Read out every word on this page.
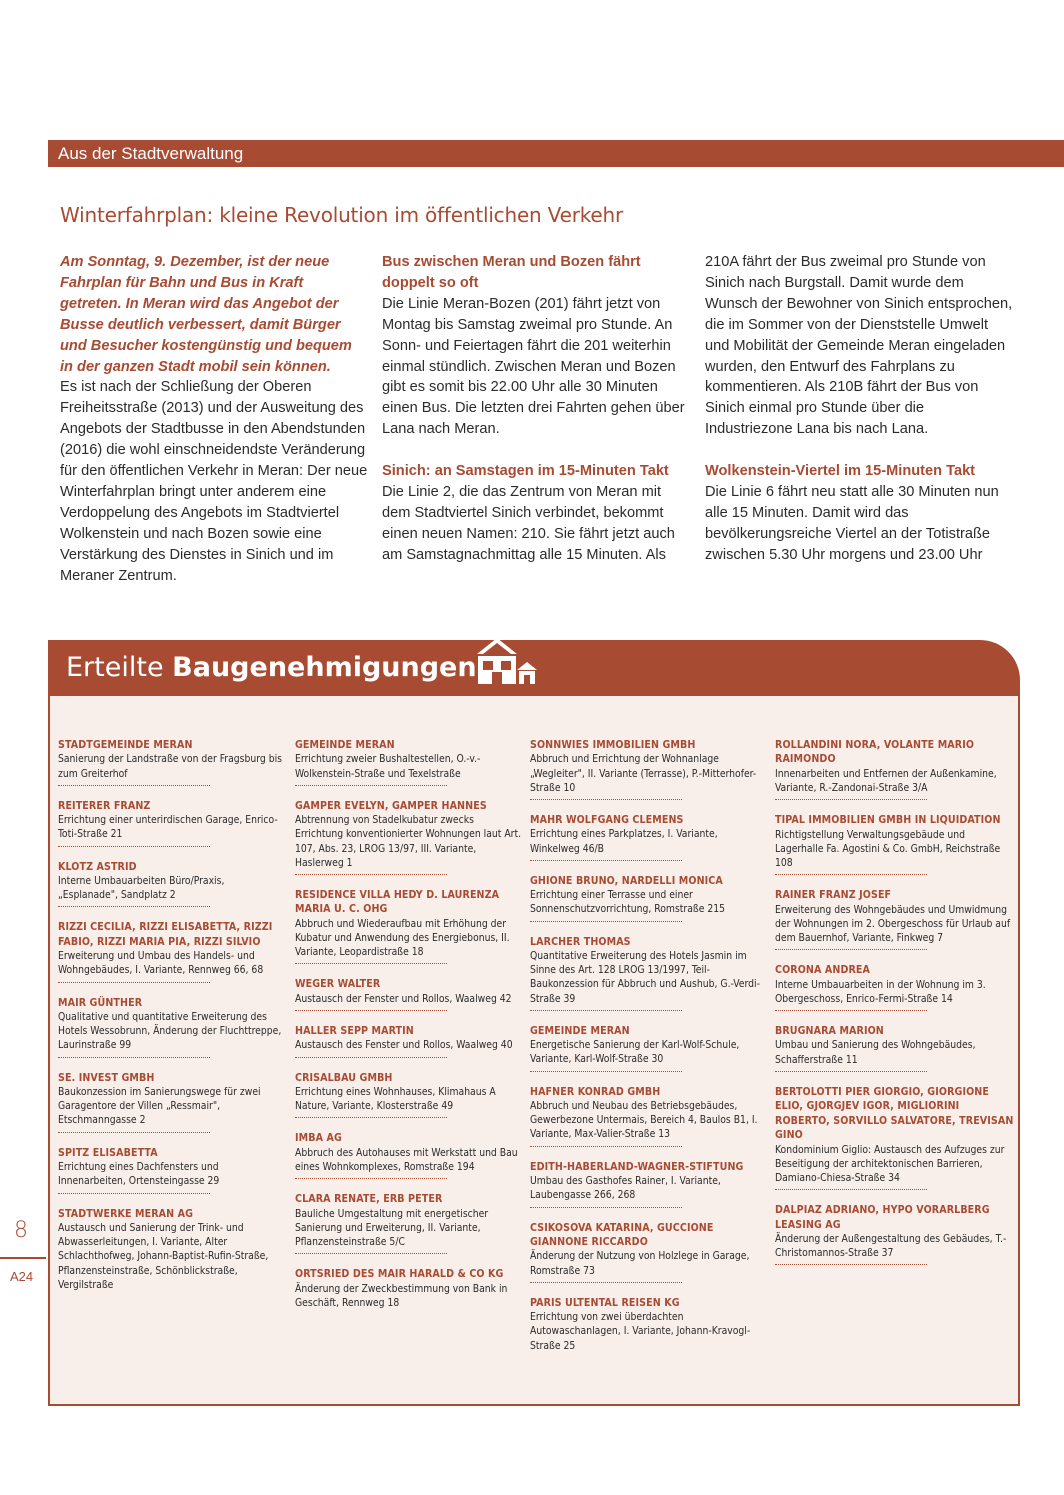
Aus der Stadtverwaltung
Winterfahrplan: kleine Revolution im öffentlichen Verkehr
Am Sonntag, 9. Dezember, ist der neue Fahrplan für Bahn und Bus in Kraft getreten. In Meran wird das Angebot der Busse deutlich verbessert, damit Bürger und Besucher kostengünstig und bequem in der ganzen Stadt mobil sein können.
Es ist nach der Schließung der Oberen Freiheitsstraße (2013) und der Ausweitung des Angebots der Stadtbusse in den Abendstunden (2016) die wohl einschneidendste Veränderung für den öffentlichen Verkehr in Meran: Der neue Winterfahrplan bringt unter anderem eine Verdoppelung des Angebots im Stadtviertel Wolkenstein und nach Bozen sowie eine Verstärkung des Dienstes in Sinich und im Meraner Zentrum.
Bus zwischen Meran und Bozen fährt doppelt so oft
Die Linie Meran-Bozen (201) fährt jetzt von Montag bis Samstag zweimal pro Stunde. An Sonn- und Feiertagen fährt die 201 weiterhin einmal stündlich. Zwischen Meran und Bozen gibt es somit bis 22.00 Uhr alle 30 Minuten einen Bus. Die letzten drei Fahrten gehen über Lana nach Meran.
Sinich: an Samstagen im 15-Minuten Takt
Die Linie 2, die das Zentrum von Meran mit dem Stadtviertel Sinich verbindet, bekommt einen neuen Namen: 210. Sie fährt jetzt auch am Samstagnachmittag alle 15 Minuten. Als
210A fährt der Bus zweimal pro Stunde von Sinich nach Burgstall. Damit wurde dem Wunsch der Bewohner von Sinich entsprochen, die im Sommer von der Dienststelle Umwelt und Mobilität der Gemeinde Meran eingeladen wurden, den Entwurf des Fahrplans zu kommentieren. Als 210B fährt der Bus von Sinich einmal pro Stunde über die Industriezone Lana bis nach Lana.
Wolkenstein-Viertel im 15-Minuten Takt
Die Linie 6 fährt neu statt alle 30 Minuten nun alle 15 Minuten. Damit wird das bevölkerungsreiche Viertel an der Totistraße zwischen 5.30 Uhr morgens und 23.00 Uhr
Erteilte Baugenehmigungen
STADTGEMEINDE MERAN
Sanierung der Landstraße von der Fragsburg bis zum Greiterhof
REITERER FRANZ
Errichtung einer unterirdischen Garage, Enrico-Toti-Straße 21
KLOTZ ASTRID
Interne Umbauarbeiten Büro/Praxis, „Esplanade", Sandplatz 2
RIZZI CECILIA, RIZZI ELISABETTA, RIZZI FABIO, RIZZI MARIA PIA, RIZZI SILVIO
Erweiterung und Umbau des Handels- und Wohngebäudes, I. Variante, Rennweg 66, 68
MAIR GÜNTHER
Qualitative und quantitative Erweiterung des Hotels Wessobrunn, Änderung der Fluchttreppe, Laurinstraße 99
SE. INVEST GMBH
Baukonzession im Sanierungswege für zwei Garagentore der Villen „Ressmair", Etschmanngasse 2
SPITZ ELISABETTA
Errichtung eines Dachfensters und Innenarbeiten, Ortensteingasse 29
STADTWERKE MERAN AG
Austausch und Sanierung der Trink- und Abwasserleitungen, I. Variante, Alter Schlachthofweg, Johann-Baptist-Rufin-Straße, Pflanzensteinstraße, Schönblickstraße, Vergilstraße
GEMEINDE MERAN
Errichtung zweier Bushaltestellen, O.-v.-Wolkenstein-Straße und Texelstraße
GAMPER EVELYN, GAMPER HANNES
Abtrennung von Stadelkubatur zwecks Errichtung konventionierter Wohnungen laut Art. 107, Abs. 23, LROG 13/97, III. Variante, Haslerweg 1
RESIDENCE VILLA HEDY D. LAURENZA MARIA U. C. OHG
Abbruch und Wiederaufbau mit Erhöhung der Kubatur und Anwendung des Energiebonus, II. Variante, Leopardistraße 18
WEGER WALTER
Austausch der Fenster und Rollos, Waalweg 42
HALLER SEPP MARTIN
Austausch des Fenster und Rollos, Waalweg 40
CRISALBAU GMBH
Errichtung eines Wohnhauses, Klimahaus A Nature, Variante, Klosterstraße 49
IMBA AG
Abbruch des Autohauses mit Werkstatt und Bau eines Wohnkomplexes, Romstraße 194
CLARA RENATE, ERB PETER
Bauliche Umgestaltung mit energetischer Sanierung und Erweiterung, II. Variante, Pflanzensteinstraße 5/C
ORTSRIED DES MAIR HARALD & CO KG
Änderung der Zweckbestimmung von Bank in Geschäft, Rennweg 18
SONNWIES IMMOBILIEN GMBH
Abbruch und Errichtung der Wohnanlage „Wegleiter", II. Variante (Terrasse), P.-Mitterhofer-Straße 10
MAHR WOLFGANG CLEMENS
Errichtung eines Parkplatzes, I. Variante, Winkelweg 46/B
GHIONE BRUNO, NARDELLI MONICA
Errichtung einer Terrasse und einer Sonnenschutzvorrichtung, Romstraße 215
LARCHER THOMAS
Quantitative Erweiterung des Hotels Jasmin im Sinne des Art. 128 LROG 13/1997, Teil-Baukonzession für Abbruch und Aushub, G.-Verdi-Straße 39
GEMEINDE MERAN
Energetische Sanierung der Karl-Wolf-Schule, Variante, Karl-Wolf-Straße 30
HAFNER KONRAD GMBH
Abbruch und Neubau des Betriebsgebäudes, Gewerbezone Untermais, Bereich 4, Baulos B1, I. Variante, Max-Valier-Straße 13
EDITH-HABERLAND-WAGNER-STIFTUNG
Umbau des Gasthofes Rainer, I. Variante, Laubengasse 266, 268
CSIKOSOVA KATARINA, GUCCIONE GIANNONE RICCARDO
Änderung der Nutzung von Holzlege in Garage, Romstraße 73
PARIS ULTENTAL REISEN KG
Errichtung von zwei überdachten Autowaschanlagen, I. Variante, Johann-Kravogl-Straße 25
ROLLANDINI NORA, VOLANTE MARIO RAIMONDO
Innenarbeiten und Entfernen der Außenkamine, Variante, R.-Zandonai-Straße 3/A
TIPAL IMMOBILIEN GMBH IN LIQUIDATION
Richtigstellung Verwaltungsgebäude und Lagerhalle Fa. Agostini & Co. GmbH, Reichstraße 108
RAINER FRANZ JOSEF
Erweiterung des Wohngebäudes und Umwidmung der Wohnungen im 2. Obergeschoss für Urlaub auf dem Bauernhof, Variante, Finkweg 7
CORONA ANDREA
Interne Umbauarbeiten in der Wohnung im 3. Obergeschoss, Enrico-Fermi-Straße 14
BRUGNARA MARION
Umbau und Sanierung des Wohngebäudes, Schafferstraße 11
BERTOLOTTI PIER GIORGIO, GIORGIONE ELIO, GJORGJEV IGOR, MIGLIORINI ROBERTO, SORVILLO SALVATORE, TREVISAN GINO
Kondominium Giglio: Austausch des Aufzuges zur Beseitigung der architektonischen Barrieren, Damiano-Chiesa-Straße 34
DALPIAZ ADRIANO, HYPO VORARLBERG LEASING AG
Änderung der Außengestaltung des Gebäudes, T.-Christomannos-Straße 37
8
A24
